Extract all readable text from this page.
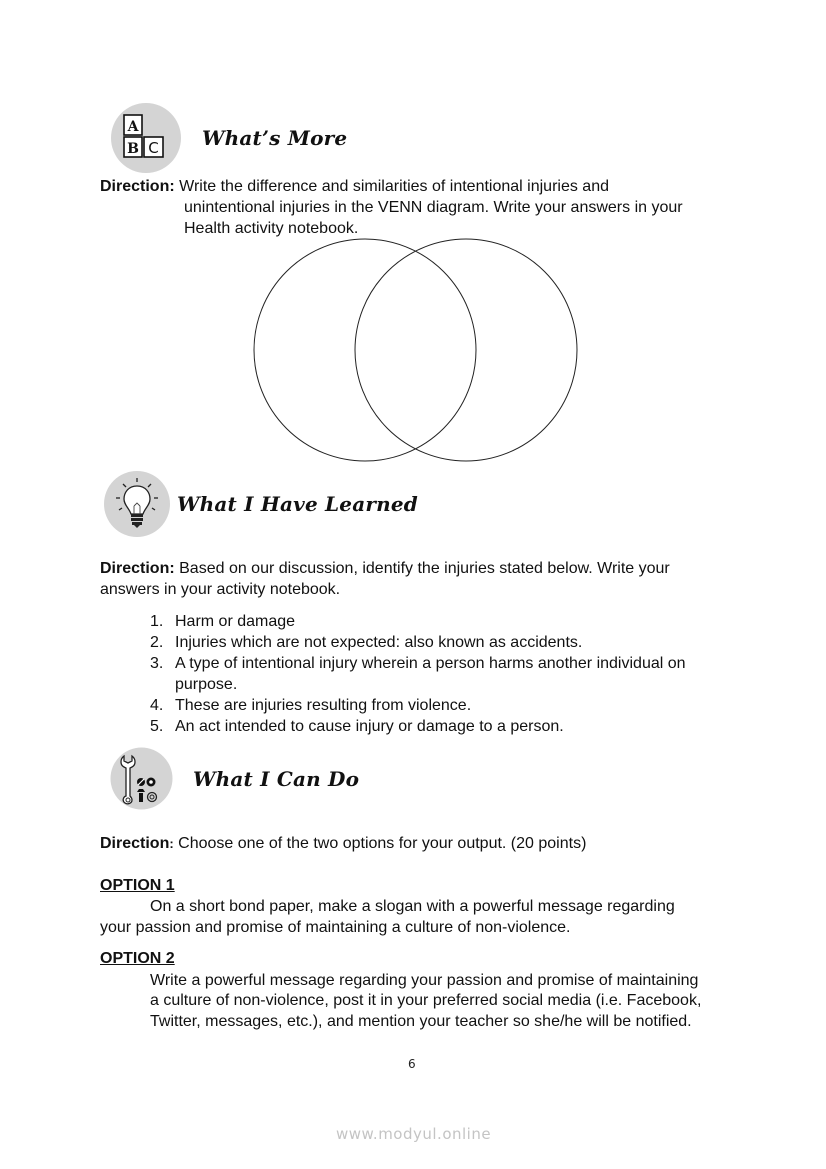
A
B C What’s More
Direction: Write the difference and similarities of intentional injuries and
unintentional injuries in the VENN diagram. Write your answers in your
Health activity notebook.
What I Have Learned
Direction: Based on our discussion, identify the injuries stated below. Write your
answers in your activity notebook.
1. Harm or damage
2. Injuries which are not expected: also known as accidents.
3. A type of intentional injury wherein a person harms another individual on
purpose.
4. These are injuries resulting from violence.
5. An act intended to cause injury or damage to a person.
What I Can Do
Direction: Choose one of the two options for your output. (20 points)
OPTION 1
On a short bond paper, make a slogan with a powerful message regarding
your passion and promise of maintaining a culture of non-violence.
OPTION 2
Write a powerful message regarding your passion and promise of maintaining
a culture of non-violence, post it in your preferred social media (i.e. Facebook,
Twitter, messages, etc.), and mention your teacher so she/he will be notified.
6
www.modyul.online
